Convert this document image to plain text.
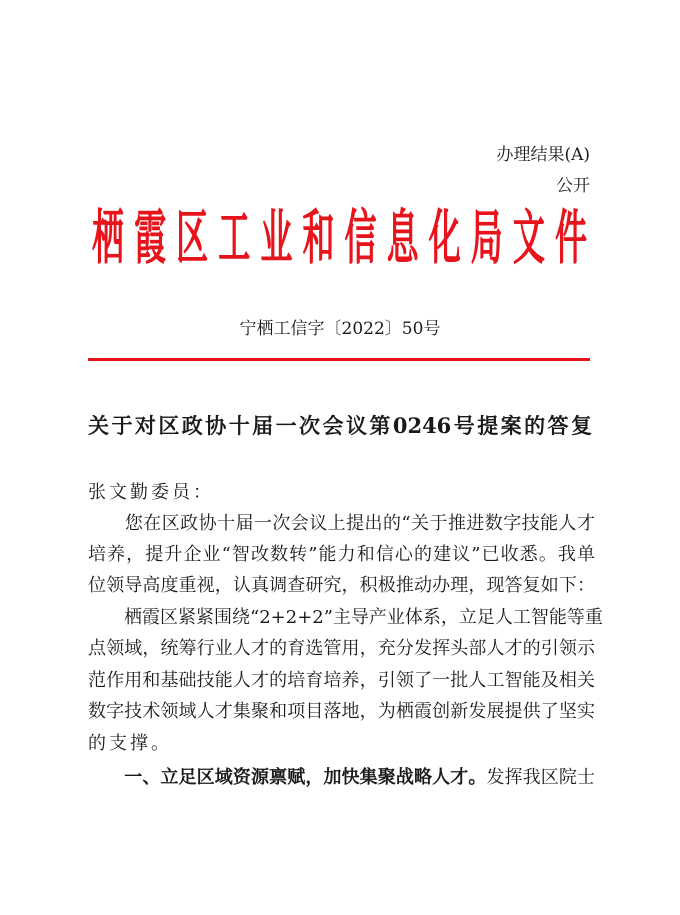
办理结果(A)
公开
栖霞区工业和信息化局文件
宁栖工信字〔2022〕50号
关于对区政协十届一次会议第0246号提案的答复
张文勤委员：
　　您在区政协十届一次会议上提出的“关于推进数字技能人才
培养，提升企业“智改数转”能力和信心的建议”已收悉。我单
位领导高度重视，认真调查研究，积极推动办理，现答复如下：
　　栖霞区紧紧围绕“2+2+2”主导产业体系，立足人工智能等重
点领域，统筹行业人才的育选管用，充分发挥头部人才的引领示
范作用和基础技能人才的培育培养，引领了一批人工智能及相关
数字技术领域人才集聚和项目落地，为栖霞创新发展提供了坚实
的支撑。
　　一、立足区域资源禀赋，加快集聚战略人才。发挥我区院士
